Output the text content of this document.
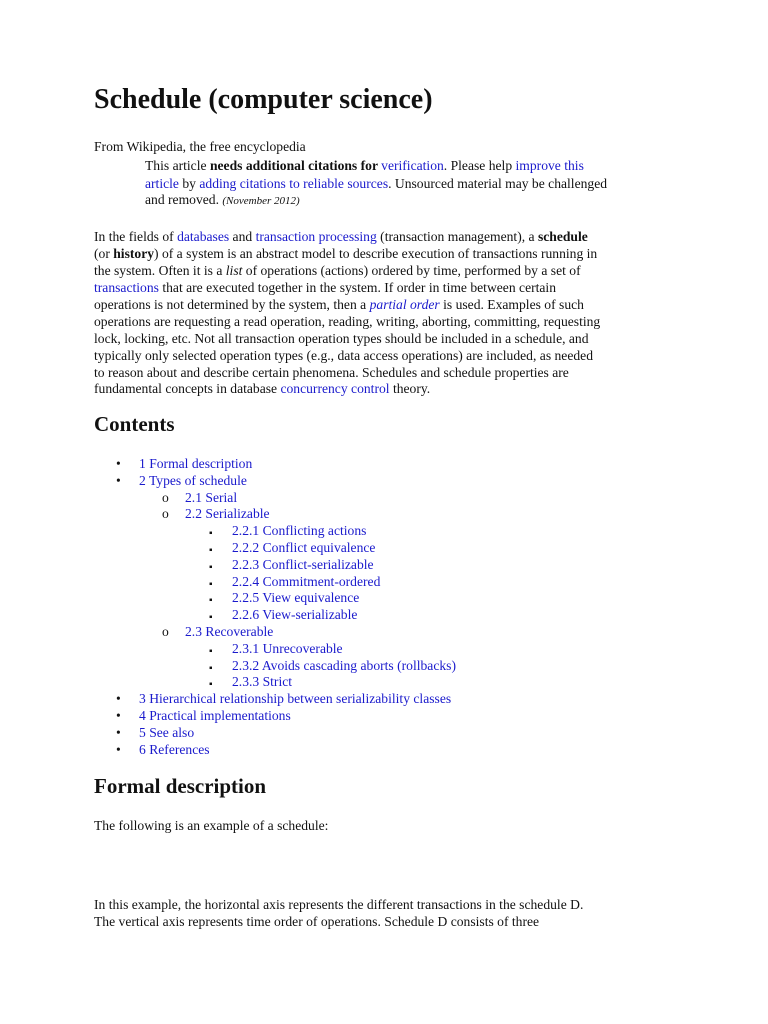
Schedule (computer science)
From Wikipedia, the free encyclopedia
This article needs additional citations for verification. Please help improve this
article by adding citations to reliable sources. Unsourced material may be challenged
and removed. (November 2012)
In the fields of databases and transaction processing (transaction management), a schedule
(or history) of a system is an abstract model to describe execution of transactions running in
the system. Often it is a list of operations (actions) ordered by time, performed by a set of
transactions that are executed together in the system. If order in time between certain
operations is not determined by the system, then a partial order is used. Examples of such
operations are requesting a read operation, reading, writing, aborting, committing, requesting
lock, locking, etc. Not all transaction operation types should be included in a schedule, and
typically only selected operation types (e.g., data access operations) are included, as needed
to reason about and describe certain phenomena. Schedules and schedule properties are
fundamental concepts in database concurrency control theory.
Contents
• 1 Formal description
• 2 Types of schedule
o 2.1 Serial
o 2.2 Serializable
▪ 2.2.1 Conflicting actions
▪ 2.2.2 Conflict equivalence
▪ 2.2.3 Conflict-serializable
▪ 2.2.4 Commitment-ordered
▪ 2.2.5 View equivalence
▪ 2.2.6 View-serializable
o 2.3 Recoverable
▪ 2.3.1 Unrecoverable
▪ 2.3.2 Avoids cascading aborts (rollbacks)
▪ 2.3.3 Strict
• 3 Hierarchical relationship between serializability classes
• 4 Practical implementations
• 5 See also
• 6 References
Formal description
The following is an example of a schedule:
In this example, the horizontal axis represents the different transactions in the schedule D.
The vertical axis represents time order of operations. Schedule D consists of three
